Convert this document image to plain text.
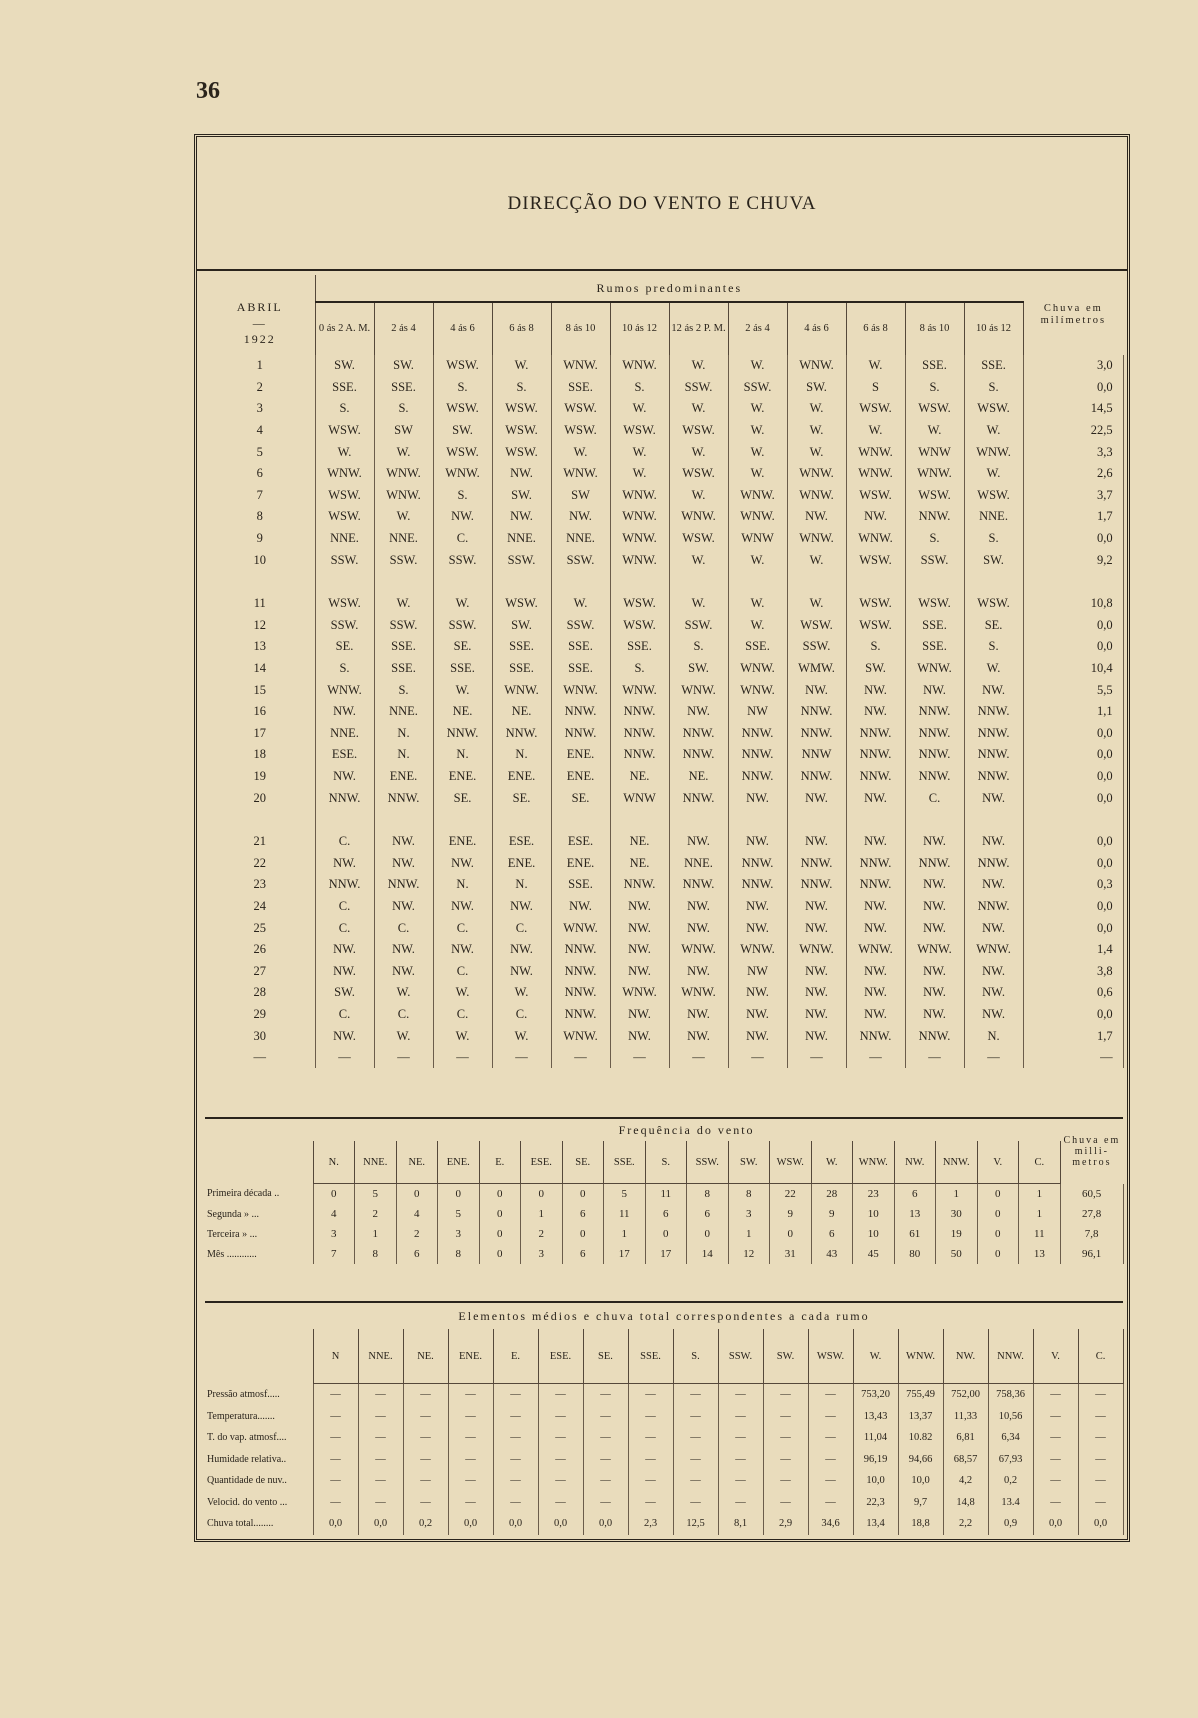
36
DIRECÇÃO DO VENTO E CHUVA
ABRIL
—
1922	Rumos predominantes												Chuva em milímetros
	0 ás 2 A. M.	2 ás 4	4 ás 6	6 ás 8	8 ás 10	10 ás 12	12 ás 2 P. M.	2 ás 4	4 ás 6	6 ás 8	8 ás 10	10 ás 12	
1	SW.	SW.	WSW.	W.	WNW.	WNW.	W.	W.	WNW.	W.	SSE.	SSE.	3,0
2	SSE.	SSE.	S.	S.	SSE.	S.	SSW.	SSW.	SW.	S	S.	S.	0,0
3	S.	S.	WSW.	WSW.	WSW.	W.	W.	W.	W.	WSW.	WSW.	WSW.	14,5
4	WSW.	SW	SW.	WSW.	WSW.	WSW.	WSW.	W.	W.	W.	W.	W.	22,5
5	W.	W.	WSW.	WSW.	W.	W.	W.	W.	W.	WNW.	WNW	WNW.	3,3
6	WNW.	WNW.	WNW.	NW.	WNW.	W.	WSW.	W.	WNW.	WNW.	WNW.	W.	2,6
7	WSW.	WNW.	S.	SW.	SW	WNW.	W.	WNW.	WNW.	WSW.	WSW.	WSW.	3,7
8	WSW.	W.	NW.	NW.	NW.	WNW.	WNW.	WNW.	NW.	NW.	NNW.	NNE.	1,7
9	NNE.	NNE.	C.	NNE.	NNE.	WNW.	WSW.	WNW	WNW.	WNW.	S.	S.	0,0
10	SSW.	SSW.	SSW.	SSW.	SSW.	WNW.	W.	W.	W.	WSW.	SSW.	SW.	9,2

11	WSW.	W.	W.	WSW.	W.	WSW.	W.	W.	W.	WSW.	WSW.	WSW.	10,8
12	SSW.	SSW.	SSW.	SW.	SSW.	WSW.	SSW.	W.	WSW.	WSW.	SSE.	SE.	0,0
13	SE.	SSE.	SE.	SSE.	SSE.	SSE.	S.	SSE.	SSW.	S.	SSE.	S.	0,0
14	S.	SSE.	SSE.	SSE.	SSE.	S.	SW.	WNW.	WMW.	SW.	WNW.	W.	10,4
15	WNW.	S.	W.	WNW.	WNW.	WNW.	WNW.	WNW.	NW.	NW.	NW.	NW.	5,5
16	NW.	NNE.	NE.	NE.	NNW.	NNW.	NW.	NW	NNW.	NW.	NNW.	NNW.	1,1
17	NNE.	N.	NNW.	NNW.	NNW.	NNW.	NNW.	NNW.	NNW.	NNW.	NNW.	NNW.	0,0
18	ESE.	N.	N.	N.	ENE.	NNW.	NNW.	NNW.	NNW	NNW.	NNW.	NNW.	0,0
19	NW.	ENE.	ENE.	ENE.	ENE.	NE.	NE.	NNW.	NNW.	NNW.	NNW.	NNW.	0,0
20	NNW.	NNW.	SE.	SE.	SE.	WNW	NNW.	NW.	NW.	NW.	C.	NW.	0,0

21	C.	NW.	ENE.	ESE.	ESE.	NE.	NW.	NW.	NW.	NW.	NW.	NW.	0,0
22	NW.	NW.	NW.	ENE.	ENE.	NE.	NNE.	NNW.	NNW.	NNW.	NNW.	NNW.	0,0
23	NNW.	NNW.	N.	N.	SSE.	NNW.	NNW.	NNW.	NNW.	NNW.	NW.	NW.	0,3
24	C.	NW.	NW.	NW.	NW.	NW.	NW.	NW.	NW.	NW.	NW.	NNW.	0,0
25	C.	C.	C.	C.	WNW.	NW.	NW.	NW.	NW.	NW.	NW.	NW.	0,0
26	NW.	NW.	NW.	NW.	NNW.	NW.	WNW.	WNW.	WNW.	WNW.	WNW.	WNW.	1,4
27	NW.	NW.	C.	NW.	NNW.	NW.	NW.	NW	NW.	NW.	NW.	NW.	3,8
28	SW.	W.	W.	W.	NNW.	WNW.	WNW.	NW.	NW.	NW.	NW.	NW.	0,6
29	C.	C.	C.	C.	NNW.	NW.	NW.	NW.	NW.	NW.	NW.	NW.	0,0
30	NW.	W.	W.	W.	WNW.	NW.	NW.	NW.	NW.	NNW.	NNW.	N.	1,7
—	—	—	—	—	—	—	—	—	—	—	—	—	—
	Frequência do vento																		Chuva em milli-metros
	N.	NNE.	NE.	ENE.	E.	ESE.	SE.	SSE.	S.	SSW.	SW.	WSW.	W.	WNW.	NW.	NNW.	V.	C.	
Primeira década ..	0	5	0	0	0	0	0	5	11	8	8	22	28	23	6	1	0	1	60,5
Segunda » ...	4	2	4	5	0	1	6	11	6	6	3	9	9	10	13	30	0	1	27,8
Terceira » ...	3	1	2	3	0	2	0	1	0	0	1	0	6	10	61	19	0	11	7,8
Mês ............	7	8	6	8	0	3	6	17	17	14	12	31	43	45	80	50	0	13	96,1
Elementos médios e chuva total correspondentes a cada rumo																		
	N	NNE.	NE.	ENE.	E.	ESE.	SE.	SSE.	S.	SSW.	SW.	WSW.	W.	WNW.	NW.	NNW.	V.	C.
Pressão atmosf.....	—	—	—	—	—	—	—	—	—	—	—	—	753,20	755,49	752,00	758,36	—	—
Temperatura.......	—	—	—	—	—	—	—	—	—	—	—	—	13,43	13,37	11,33	10,56	—	—
T. do vap. atmosf....	—	—	—	—	—	—	—	—	—	—	—	—	11,04	10.82	6,81	6,34	—	—
Humidade relativa..	—	—	—	—	—	—	—	—	—	—	—	—	96,19	94,66	68,57	67,93	—	—
Quantidade de nuv..	—	—	—	—	—	—	—	—	—	—	—	—	10,0	10,0	4,2	0,2	—	—
Velocid. do vento ...	—	—	—	—	—	—	—	—	—	—	—	—	22,3	9,7	14,8	13.4	—	—
Chuva total........	0,0	0,0	0,2	0,0	0,0	0,0	0,0	2,3	12,5	8,1	2,9	34,6	13,4	18,8	2,2	0,9	0,0	0,0
